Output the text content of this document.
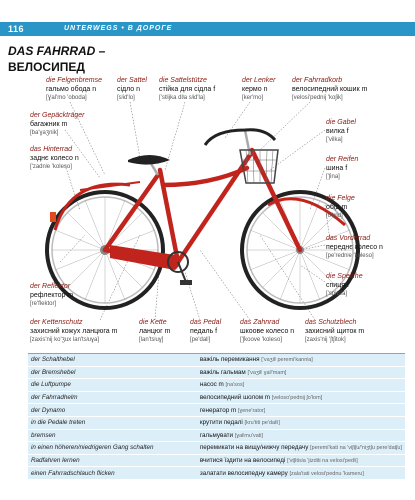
116	UNTERWEGS • В ДОРОГЕ
DAS FAHRRAD –
ВЕЛОСИПЕД
die Felgenbremse
гальмо обода n
[Ɣal'mo 'oboda]
der Sattel
сідло n
[sʲid'lo]
die Sattelstütze
стійка для сідла f
['stʲijka dlʲa sʲid'la]
der Lenker
кермо n
[ker'mo]
der Fahrradkorb
велосипедний кошик m
[velosi'pednij 'koʃik]
der Gepäckträger
багажник m
[ba'ɣaʒnik]
das Hinterrad
заднє колесо n
['zadnʲe 'koleso]
die Gabel
вилка f
['vilka]
der Reifen
шина f
['ʃina]
die Felge
обід m
[o'bʲid]
das Vorderrad
переднє колесо n
[pe'rednʲe 'koleso]
der Reflektor
рефлектор m
[re'flektor]
die Speiche
спиця f
['spitsʲa]
der Kettenschutz
захисний кожух ланцюга m
[zaxis'nij ko'ʒux lan'tsʲuɣa]
die Kette
ланцюг m
[lan'tsʲuɣ]
das Pedal
педаль f
[pe'dalʲ]
das Zahnrad
шкоове колесо n
['ʃkoove 'koleso]
das Schutzblech
захисний щиток m
[zaxis'nij 'ʃtʃitok]
der Schalthebel	важіль перемикання ['vaʒilʲ peremi'kannʲa]
der Bremshebel	важіль гальмам ['vaʒilʲ ɣalʲ'mam]
die Luftpumpe	насос m [na'sos]
der Fahrradhelm	велосипедний шолом m [veloso'pednij ʃo'lom]
der Dynamo	генератор m [ɣene'rator]
in die Pedale treten	крутити педалі [kru'titi pe'dalʲi]
bremsen	гальмувати [ɣalʲmu'vati]
in einen höheren/niedrigeren Gang schalten	перемикати на вищу/нижчу передачу [peremi'kati na 'viʃtʃu/'niʒtʃu pere'datʃu]
Radfahren lernen	вчитися їздити на велосипеді ['vtʃitisʲa 'jizditi na velosi'pedʲi]
einen Fahrradschlauch flicken	залатати велосипедну камеру [zala'tati velosi'pednu 'kameru]
